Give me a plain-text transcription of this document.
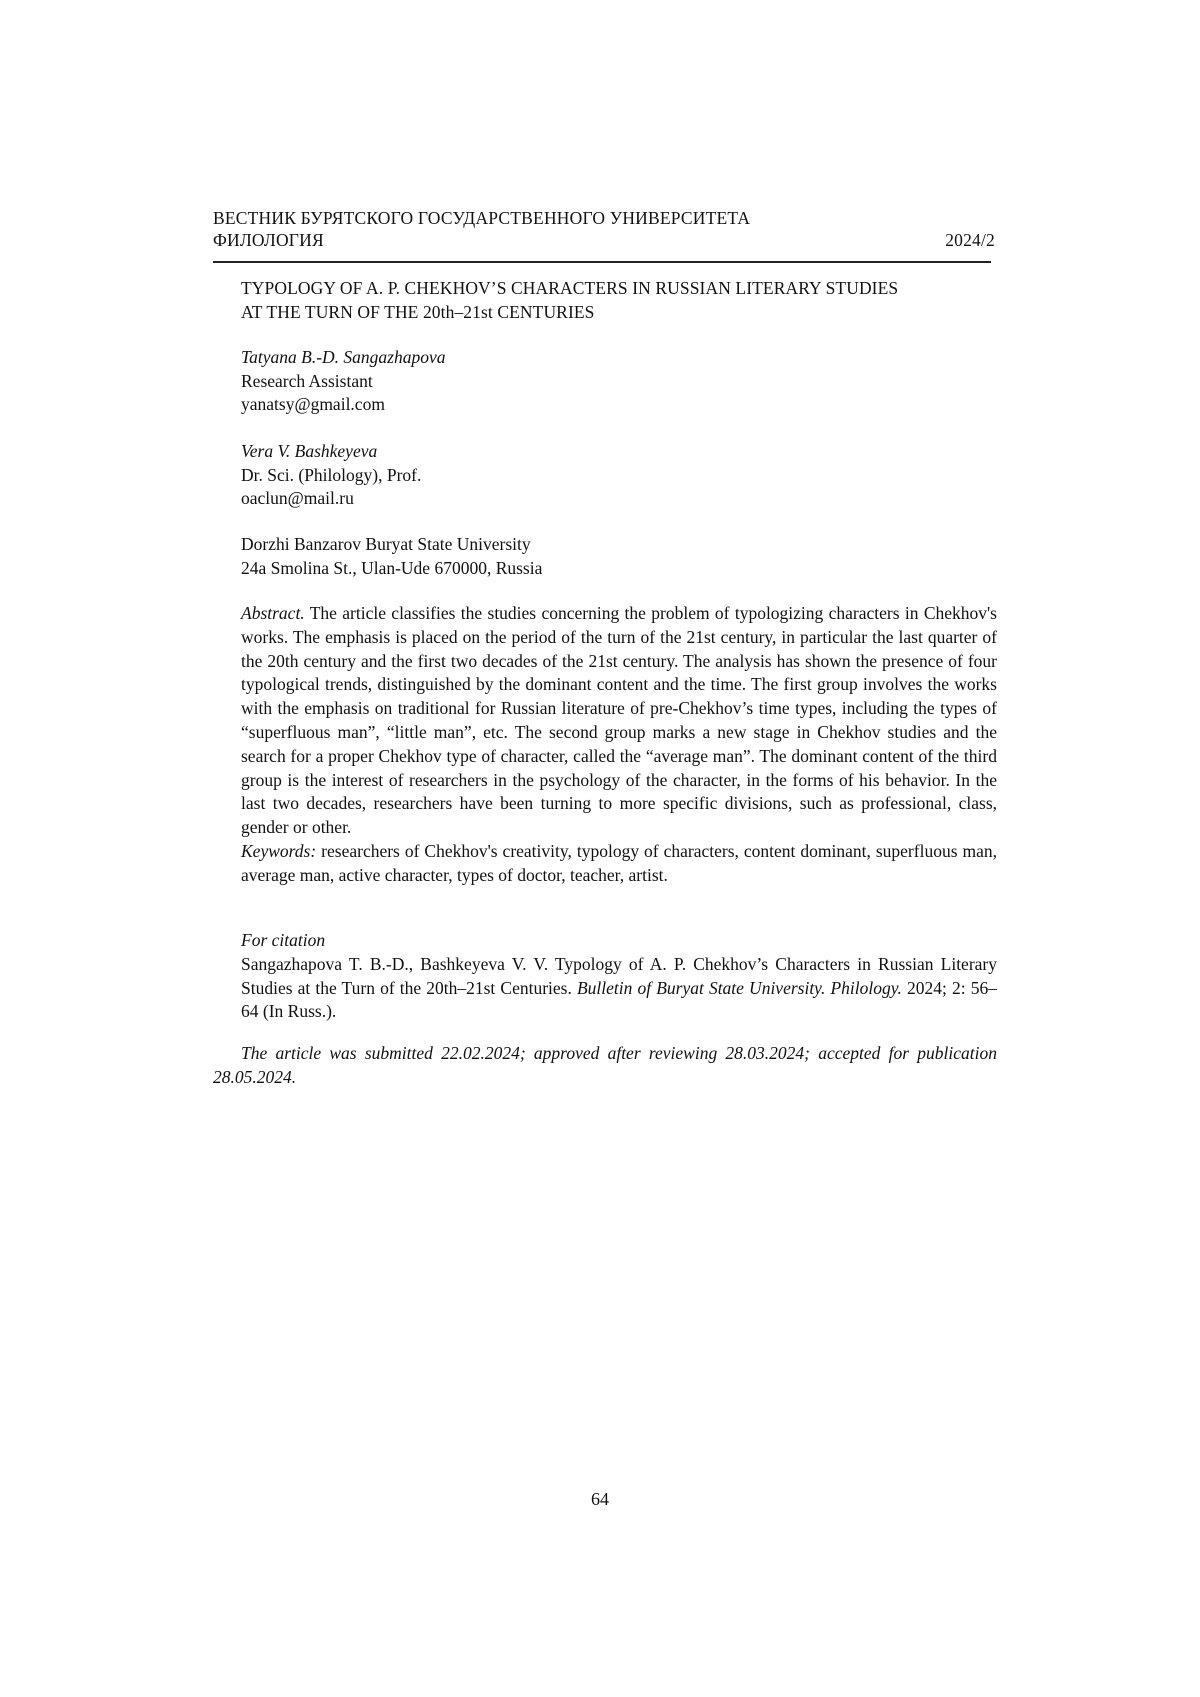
ВЕСТНИК БУРЯТСКОГО ГОСУДАРСТВЕННОГО УНИВЕРСИТЕТА
ФИЛОЛОГИЯ	2024/2
TYPOLOGY OF A. P. CHEKHOV’S CHARACTERS IN RUSSIAN LITERARY STUDIES
AT THE TURN OF THE 20th–21st CENTURIES
Tatyana B.-D. Sangazhapova
Research Assistant
yanatsy@gmail.com
Vera V. Bashkeyeva
Dr. Sci. (Philology), Prof.
oaclun@mail.ru
Dorzhi Banzarov Buryat State University
24a Smolina St., Ulan-Ude 670000, Russia

Abstract. The article classifies the studies concerning the problem of typologizing characters in Chekhov's works. The emphasis is placed on the period of the turn of the 21st century, in particular the last quarter of the 20th century and the first two decades of the 21st century. The analysis has shown the presence of four typological trends, distinguished by the dominant content and the time. The first group involves the works with the emphasis on traditional for Russian literature of pre-Chekhov’s time types, including the types of “superfluous man”, “little man”, etc. The second group marks a new stage in Chekhov studies and the search for a proper Chekhov type of character, called the “average man”. The dominant content of the third group is the interest of researchers in the psychology of the character, in the forms of his behavior. In the last two decades, researchers have been turning to more specific divisions, such as professional, class, gender or other.

Keywords: researchers of Chekhov's creativity, typology of characters, content dominant, superfluous man, average man, active character, types of doctor, teacher, artist.

For citation

Sangazhapova T. B.-D., Bashkeyeva V. V. Typology of A. P. Chekhov’s Characters in Russian Literary Studies at the Turn of the 20th–21st Centuries. Bulletin of Buryat State University. Philology. 2024; 2: 56–64 (In Russ.).

The article was submitted 22.02.2024; approved after reviewing 28.03.2024; accepted for publication 28.05.2024.
64
